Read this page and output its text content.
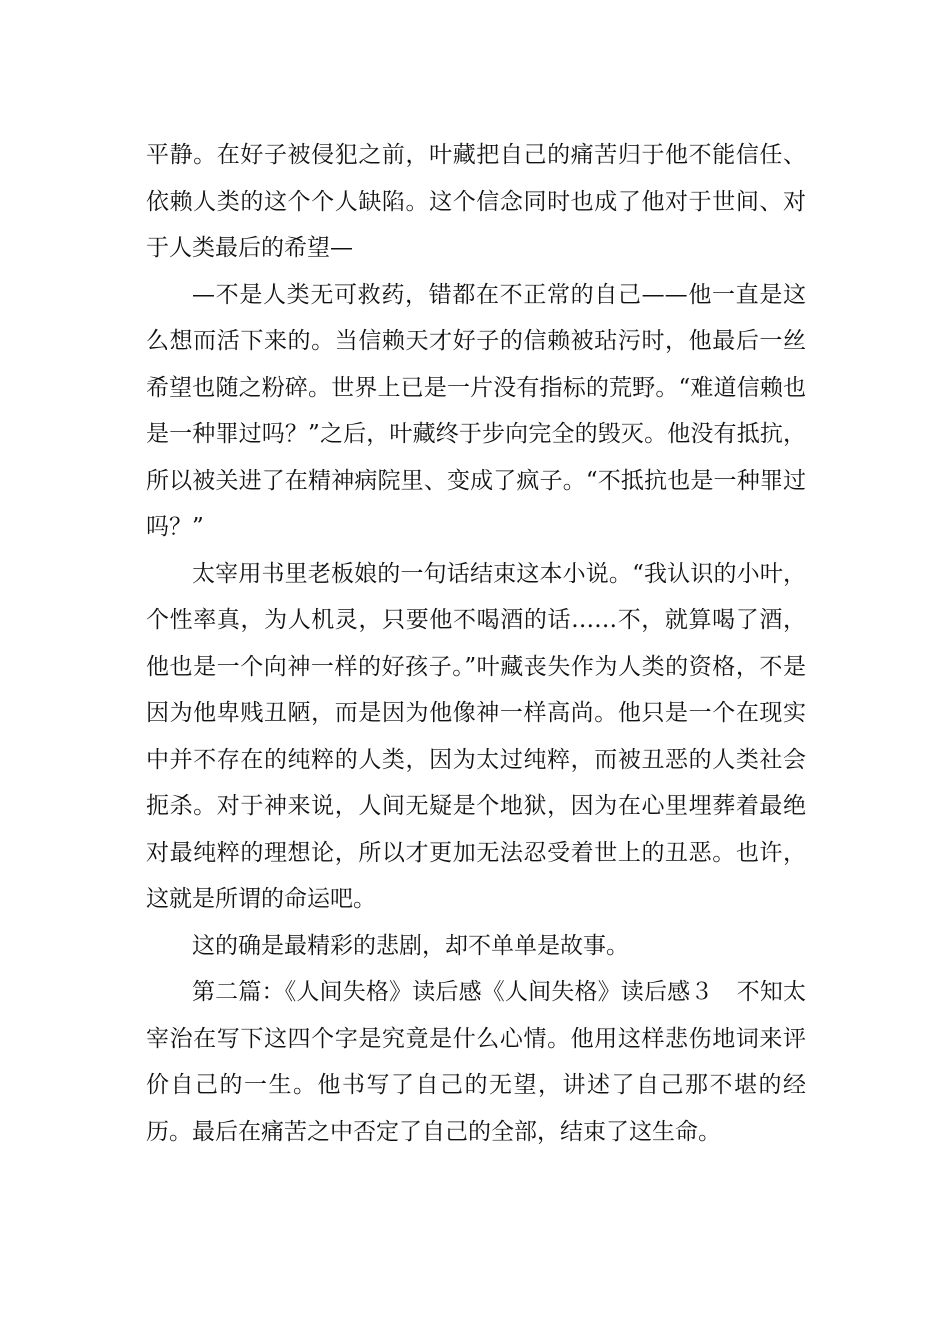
平静。在好子被侵犯之前，叶藏把自己的痛苦归于他不能信任、依赖人类的这个个人缺陷。这个信念同时也成了他对于世间、对于人类最后的希望—

—不是人类无可救药，错都在不正常的自己——他一直是这么想而活下来的。当信赖天才好子的信赖被玷污时，他最后一丝希望也随之粉碎。世界上已是一片没有指标的荒野。“难道信赖也是一种罪过吗？”之后，叶藏终于步向完全的毁灭。他没有抵抗，所以被关进了在精神病院里、变成了疯子。“不抵抗也是一种罪过吗？”

太宰用书里老板娘的一句话结束这本小说。“我认识的小叶，个性率真，为人机灵，只要他不喝酒的话……不，就算喝了酒，他也是一个向神一样的好孩子。”叶藏丧失作为人类的资格，不是因为他卑贱丑陋，而是因为他像神一样高尚。他只是一个在现实中并不存在的纯粹的人类，因为太过纯粹，而被丑恶的人类社会扼杀。对于神来说，人间无疑是个地狱，因为在心里埋葬着最绝对最纯粹的理想论，所以才更加无法忍受着世上的丑恶。也许，这就是所谓的命运吧。

这的确是最精彩的悲剧，却不单单是故事。

第二篇：《人间失格》读后感《人间失格》读后感３　不知太宰治在写下这四个字是究竟是什么心情。他用这样悲伤地词来评价自己的一生。他书写了自己的无望，讲述了自己那不堪的经历。最后在痛苦之中否定了自己的全部，结束了这生命。
